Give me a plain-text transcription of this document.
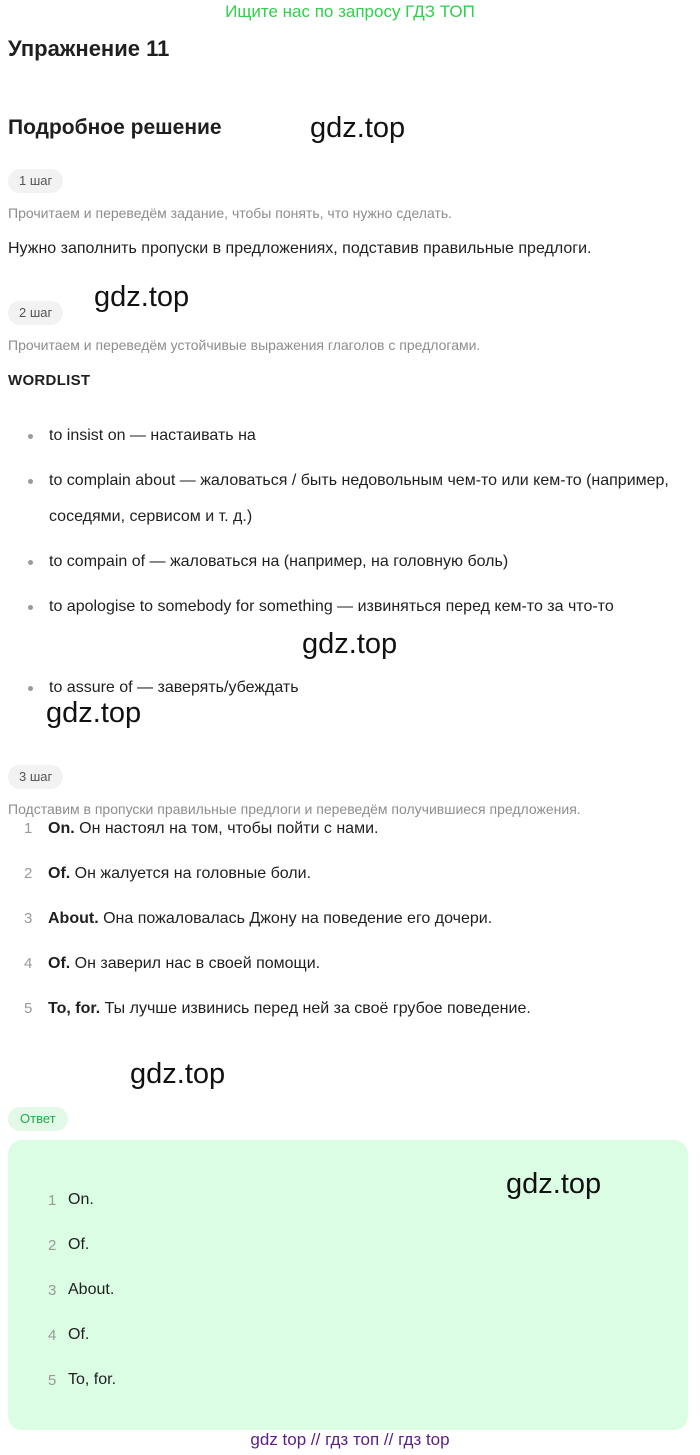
Ищите нас по запросу ГДЗ ТОП
Упражнение 11
Подробное решение	gdz.top
1 шаг
Прочитаем и переведём задание, чтобы понять, что нужно сделать.
Нужно заполнить пропуски в предложениях, подставив правильные предлоги.
2 шаг	gdz.top
Прочитаем и переведём устойчивые выражения глаголов с предлогами.
WORDLIST
to insist on — настаивать на
to complain about — жаловаться / быть недовольным чем-то или кем-то (например, соседями, сервисом и т. д.)
to compain of — жаловаться на (например, на головную боль)
to apologise to somebody for something — извиняться перед кем-то за что-то
gdz.top
to assure of — заверять/убеждать
gdz.top
3 шаг
Подставим в пропуски правильные предлоги и переведём получившиеся предложения.
1 On. Он настоял на том, чтобы пойти с нами.
2 Of. Он жалуется на головные боли.
3 About. Она пожаловалась Джону на поведение его дочери.
4 Of. Он заверил нас в своей помощи.
5 To, for. Ты лучше извинись перед ней за своё грубое поведение.
gdz.top
Ответ
gdz.top
1 On.
2 Of.
3 About.
4 Of.
5 To, for.
gdz top // гдз топ // гдз top
